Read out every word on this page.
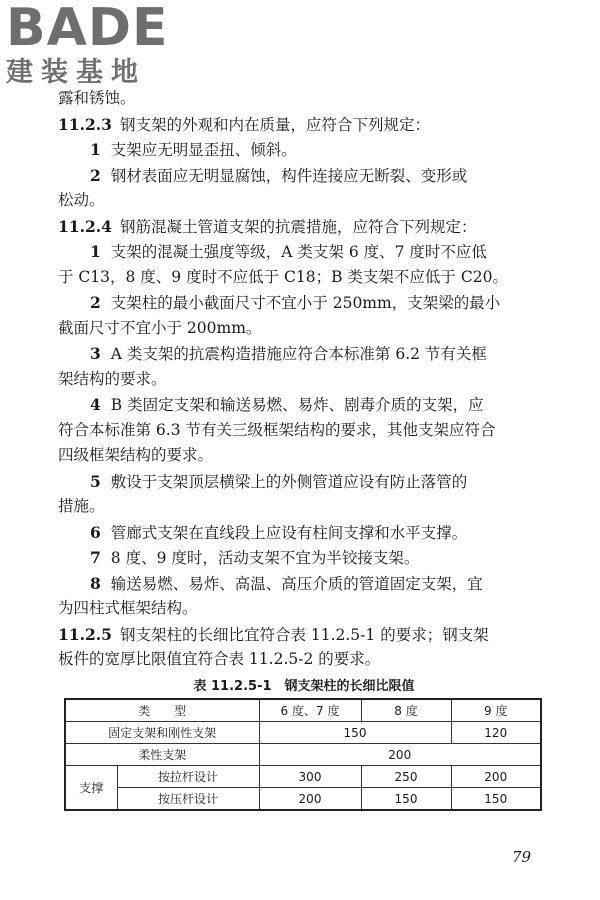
BADE
建装基地
露和锈蚀。
11.2.3 钢支架的外观和内在质量，应符合下列规定：
1 支架应无明显歪扭、倾斜。
2 钢材表面应无明显腐蚀，构件连接应无断裂、变形或
松动。
11.2.4 钢筋混凝土管道支架的抗震措施，应符合下列规定：
1 支架的混凝土强度等级，A 类支架 6 度、7 度时不应低
于 C13，8 度、9 度时不应低于 C18；B 类支架不应低于 C20。
2 支架柱的最小截面尺寸不宜小于 250mm，支架梁的最小
截面尺寸不宜小于 200mm。
3 A 类支架的抗震构造措施应符合本标准第 6.2 节有关框
架结构的要求。
4 B 类固定支架和输送易燃、易炸、剧毒介质的支架，应
符合本标准第 6.3 节有关三级框架结构的要求，其他支架应符合
四级框架结构的要求。
5 敷设于支架顶层横梁上的外侧管道应设有防止落管的
措施。
6 管廊式支架在直线段上应设有柱间支撑和水平支撑。
7 8 度、9 度时，活动支架不宜为半铰接支架。
8 输送易燃、易炸、高温、高压介质的管道固定支架，宜
为四柱式框架结构。
11.2.5 钢支架柱的长细比宜符合表 11.2.5-1 的要求；钢支架
板件的宽厚比限值宜符合表 11.2.5-2 的要求。
表 11.2.5-1　钢支架柱的长细比限值
类　　型		6 度、7 度	8 度	9 度
固定支架和刚性支架		150		120
柔性支架		200		
支撑	按拉杆设计	300	250	200
	按压杆设计	200	150	150
79
